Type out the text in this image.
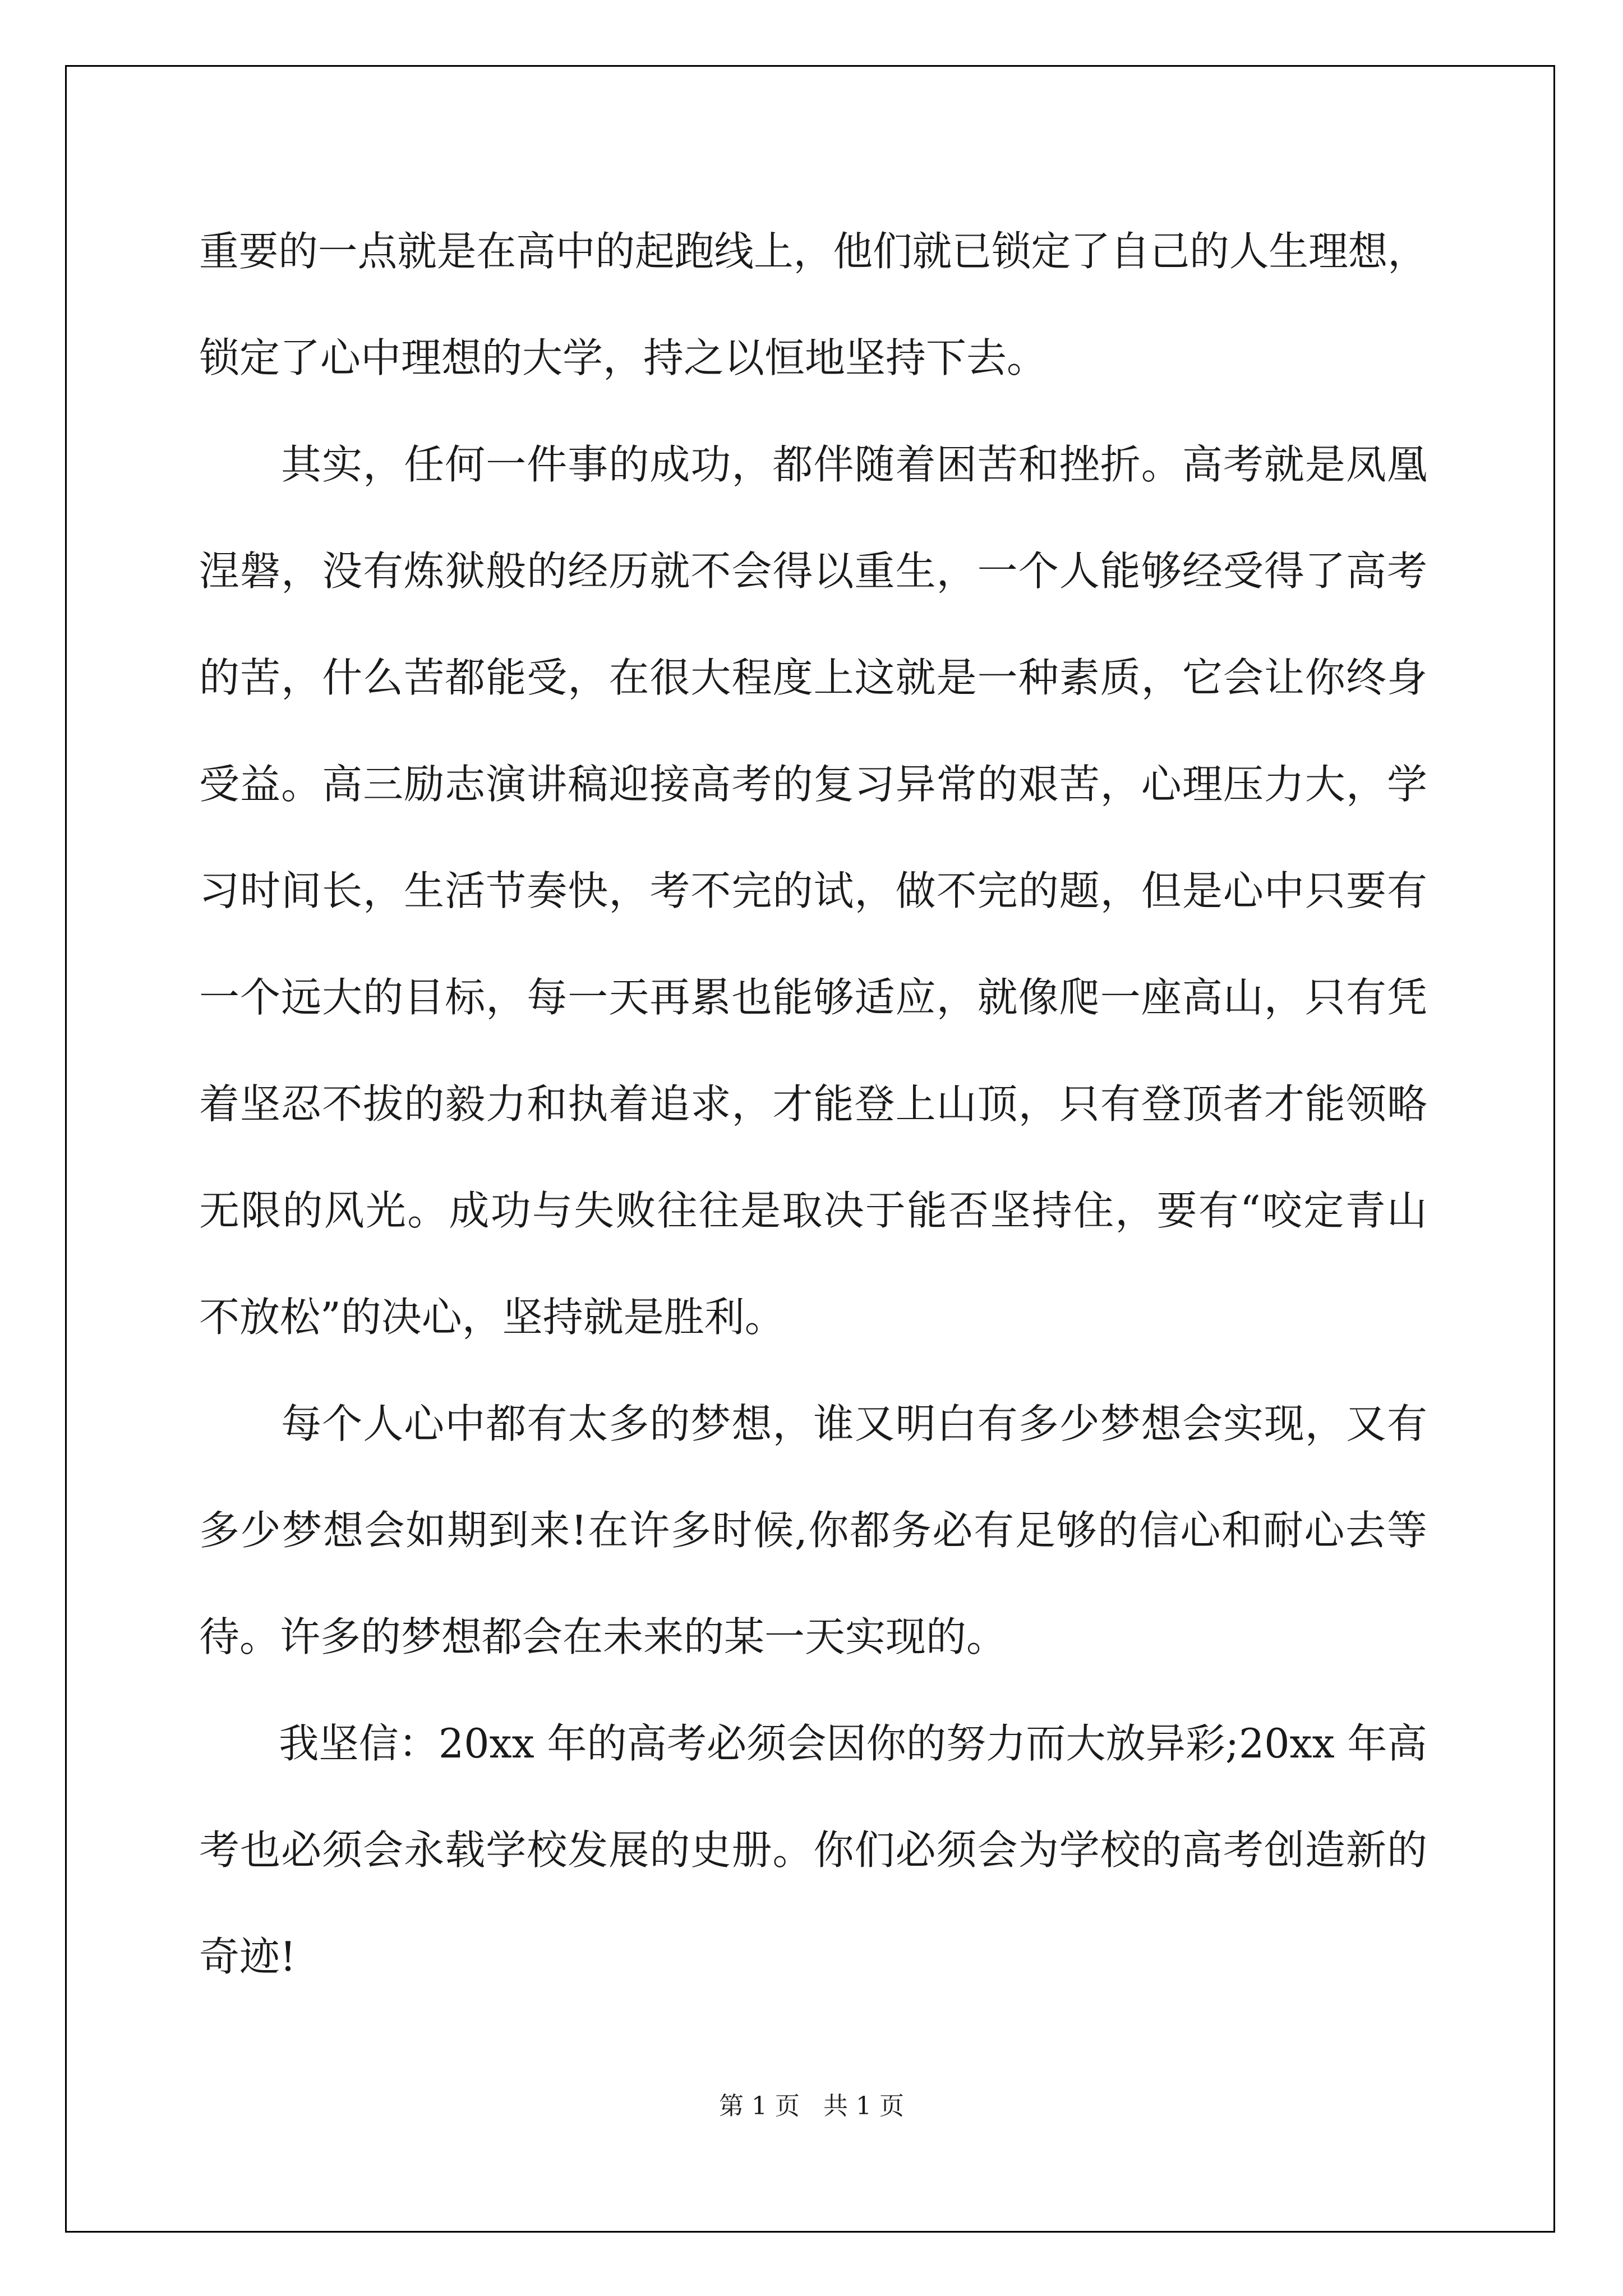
重要的一点就是在高中的起跑线上，他们就已锁定了自己的人生理想，
锁定了心中理想的大学，持之以恒地坚持下去。
　　其实，任何一件事的成功，都伴随着困苦和挫折。高考就是凤凰
涅磐，没有炼狱般的经历就不会得以重生，一个人能够经受得了高考
的苦，什么苦都能受，在很大程度上这就是一种素质，它会让你终身
受益。高三励志演讲稿迎接高考的复习异常的艰苦，心理压力大，学
习时间长，生活节奏快，考不完的试，做不完的题，但是心中只要有
一个远大的目标，每一天再累也能够适应，就像爬一座高山，只有凭
着坚忍不拔的毅力和执着追求，才能登上山顶，只有登顶者才能领略
无限的风光。成功与失败往往是取决于能否坚持住，要有“咬定青山
不放松”的决心，坚持就是胜利。
　　每个人心中都有太多的梦想，谁又明白有多少梦想会实现，又有
多少梦想会如期到来!在许多时候,你都务必有足够的信心和耐心去等
待。许多的梦想都会在未来的某一天实现的。
　　我坚信：20xx 年的高考必须会因你的努力而大放异彩;20xx 年高
考也必须会永载学校发展的史册。你们必须会为学校的高考创造新的
奇迹!
第 1 页   共 1 页
